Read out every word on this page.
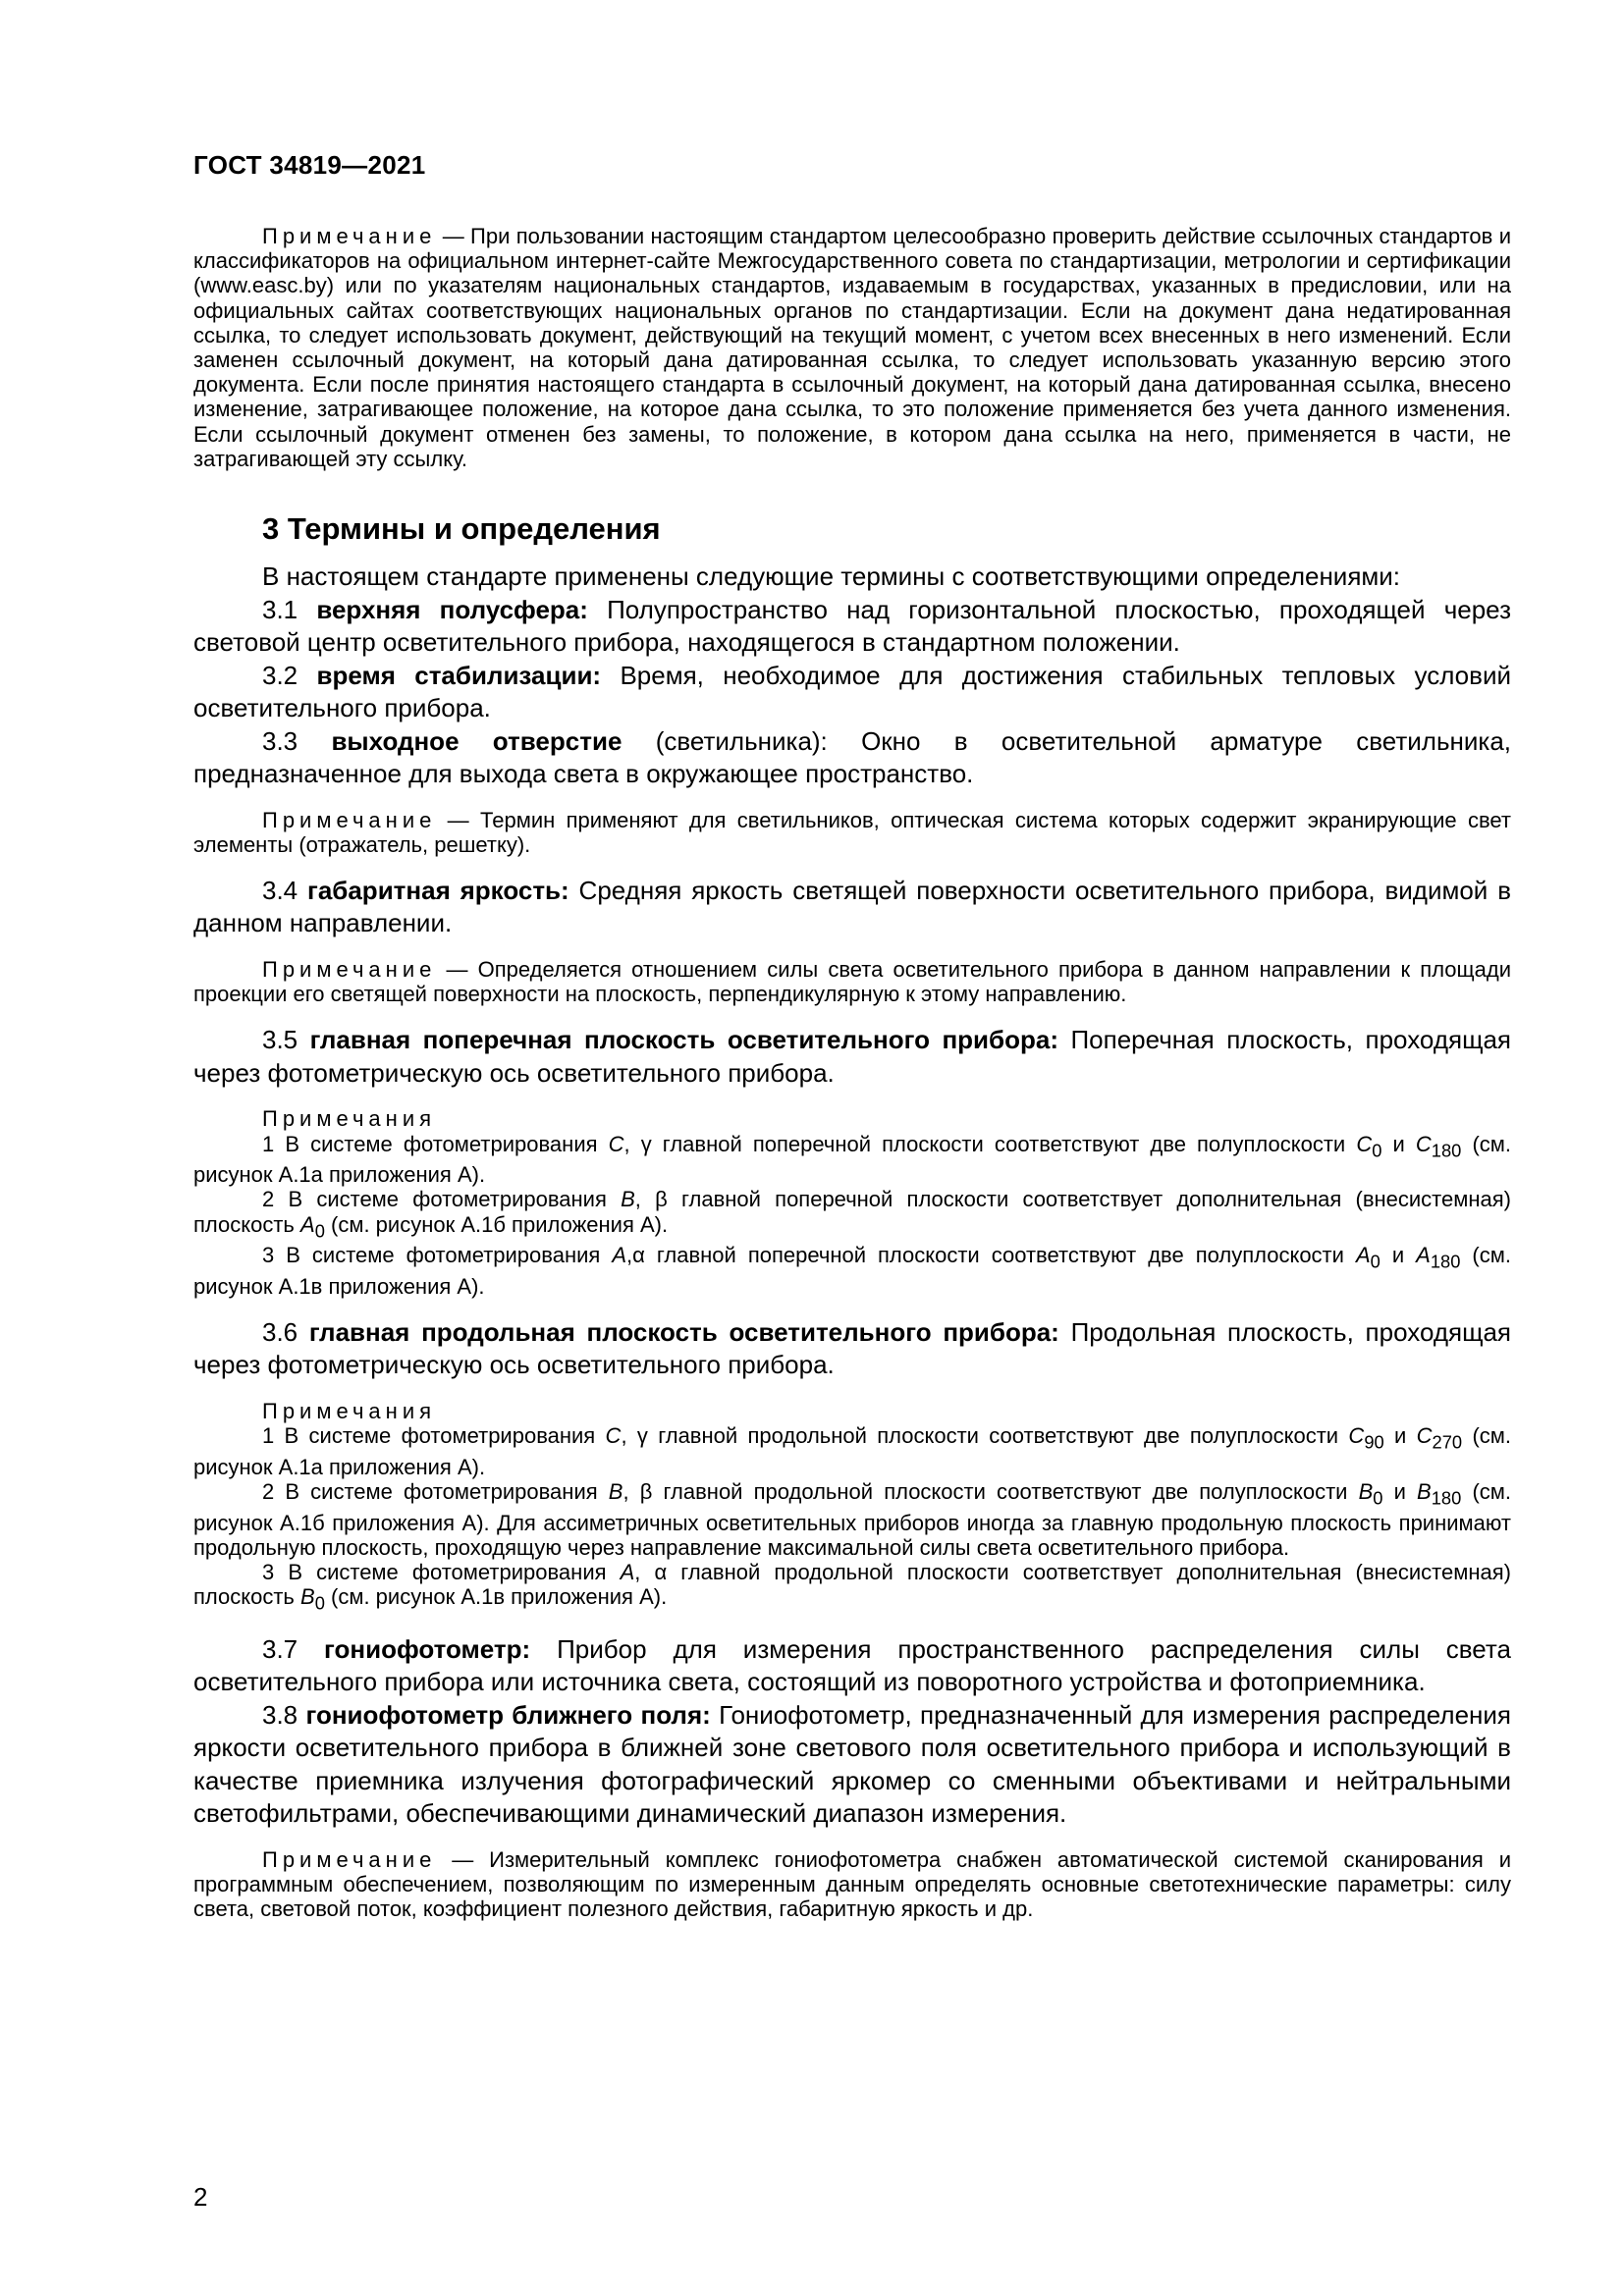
ГОСТ 34819—2021

Примечание — При пользовании настоящим стандартом целесообразно проверить действие ссылочных стандартов и классификаторов на официальном интернет-сайте Межгосударственного совета по стандартизации, метрологии и сертификации (www.easc.by) или по указателям национальных стандартов, издаваемым в государствах, указанных в предисловии, или на официальных сайтах соответствующих национальных органов по стандартизации. Если на документ дана недатированная ссылка, то следует использовать документ, действующий на текущий момент, с учетом всех внесенных в него изменений. Если заменен ссылочный документ, на который дана датированная ссылка, то следует использовать указанную версию этого документа. Если после принятия настоящего стандарта в ссылочный документ, на который дана датированная ссылка, внесено изменение, затрагивающее положение, на которое дана ссылка, то это положение применяется без учета данного изменения. Если ссылочный документ отменен без замены, то положение, в котором дана ссылка на него, применяется в части, не затрагивающей эту ссылку.

3 Термины и определения

В настоящем стандарте применены следующие термины с соответствующими определениями:

3.1 верхняя полусфера: Полупространство над горизонтальной плоскостью, проходящей через световой центр осветительного прибора, находящегося в стандартном положении.

3.2 время стабилизации: Время, необходимое для достижения стабильных тепловых условий осветительного прибора.

3.3 выходное отверстие (светильника): Окно в осветительной арматуре светильника, предназначенное для выхода света в окружающее пространство.

Примечание — Термин применяют для светильников, оптическая система которых содержит экранирующие свет элементы (отражатель, решетку).

3.4 габаритная яркость: Средняя яркость светящей поверхности осветительного прибора, видимой в данном направлении.

Примечание — Определяется отношением силы света осветительного прибора в данном направлении к площади проекции его светящей поверхности на плоскость, перпендикулярную к этому направлению.

3.5 главная поперечная плоскость осветительного прибора: Поперечная плоскость, проходящая через фотометрическую ось осветительного прибора.

Примечания

1 В системе фотометрирования C, γ главной поперечной плоскости соответствуют две полуплоскости $C_0$ и $C_{180}$ (см. рисунок А.1а приложения А).

2 В системе фотометрирования B, β главной поперечной плоскости соответствует дополнительная (внесистемная) плоскость $A_0$ (см. рисунок А.1б приложения А).

3 В системе фотометрирования A,α главной поперечной плоскости соответствуют две полуплоскости $A_0$ и $A_{180}$ (см. рисунок А.1в приложения А).

3.6 главная продольная плоскость осветительного прибора: Продольная плоскость, проходящая через фотометрическую ось осветительного прибора.

Примечания

1 В системе фотометрирования C, γ главной продольной плоскости соответствуют две полуплоскости $C_{90}$ и $C_{270}$ (см. рисунок А.1а приложения А).

2 В системе фотометрирования B, β главной продольной плоскости соответствуют две полуплоскости $B_0$ и $B_{180}$ (см. рисунок А.1б приложения А). Для ассиметричных осветительных приборов иногда за главную продольную плоскость принимают продольную плоскость, проходящую через направление максимальной силы света осветительного прибора.

3 В системе фотометрирования A, α главной продольной плоскости соответствует дополнительная (внесистемная) плоскость $B_0$ (см. рисунок А.1в приложения А).

3.7 гониофотометр: Прибор для измерения пространственного распределения силы света осветительного прибора или источника света, состоящий из поворотного устройства и фотоприемника.

3.8 гониофотометр ближнего поля: Гониофотометр, предназначенный для измерения распределения яркости осветительного прибора в ближней зоне светового поля осветительного прибора и использующий в качестве приемника излучения фотографический яркомер со сменными объективами и нейтральными светофильтрами, обеспечивающими динамический диапазон измерения.

Примечание — Измерительный комплекс гониофотометра снабжен автоматической системой сканирования и программным обеспечением, позволяющим по измеренным данным определять основные светотехнические параметры: силу света, световой поток, коэффициент полезного действия, габаритную яркость и др.

2
